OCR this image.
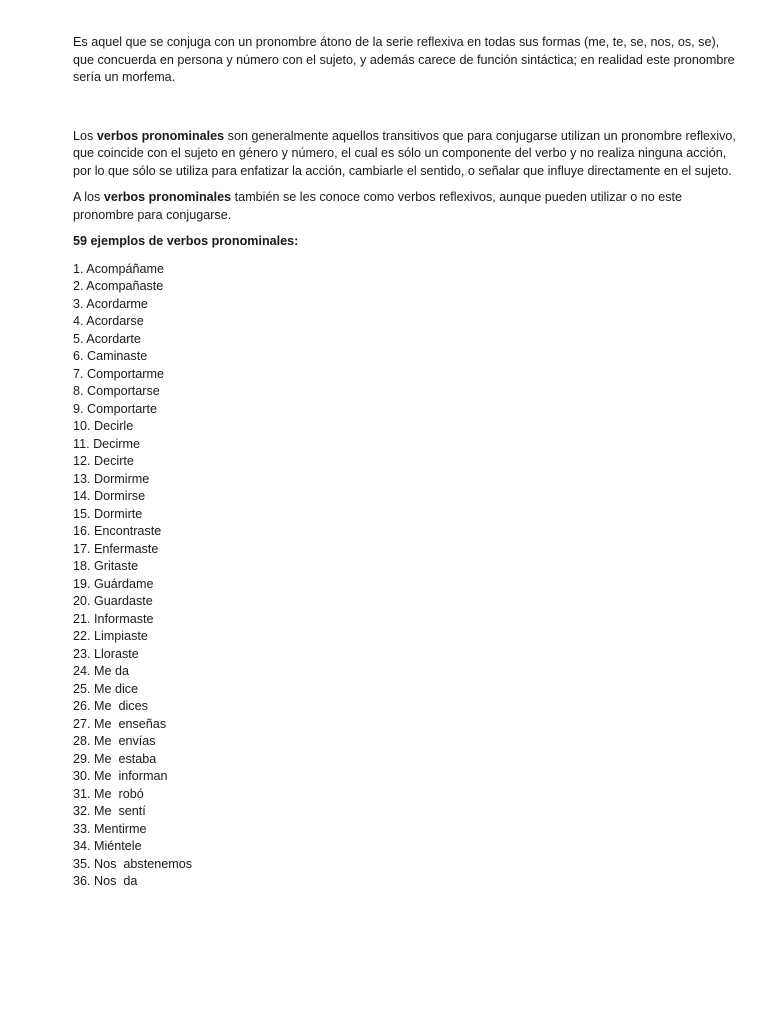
Es aquel que se conjuga con un pronombre átono de la serie reflexiva en todas sus formas (me, te, se, nos, os, se), que concuerda en persona y número con el sujeto, y además carece de función sintáctica; en realidad este pronombre sería un morfema.

Los verbos pronominales son generalmente aquellos transitivos que para conjugarse utilizan un pronombre reflexivo, que coincide con el sujeto en género y número, el cual es sólo un componente del verbo y no realiza ninguna acción, por lo que sólo se utiliza para enfatizar la acción, cambiarle el sentido, o señalar que influye directamente en el sujeto.

A los verbos pronominales también se les conoce como verbos reflexivos, aunque pueden utilizar o no este pronombre para conjugarse.

59 ejemplos de verbos pronominales:

1. Acompáñame
2. Acompañaste
3. Acordarme
4. Acordarse
5. Acordarte
6. Caminaste
7. Comportarme
8. Comportarse
9. Comportarte
10. Decirle
11. Decirme
12. Decirte
13. Dormirme
14. Dormirse
15. Dormirte
16. Encontraste
17. Enfermaste
18. Gritaste
19. Guárdame
20. Guardaste
21. Informaste
22. Limpiaste
23. Lloraste
24. Me da
25. Me dice
26. Me  dices
27. Me  enseñas
28. Me  envías
29. Me  estaba
30. Me  informan
31. Me  robó
32. Me  sentí
33. Mentirme
34. Miéntele
35. Nos  abstenemos
36. Nos  da
